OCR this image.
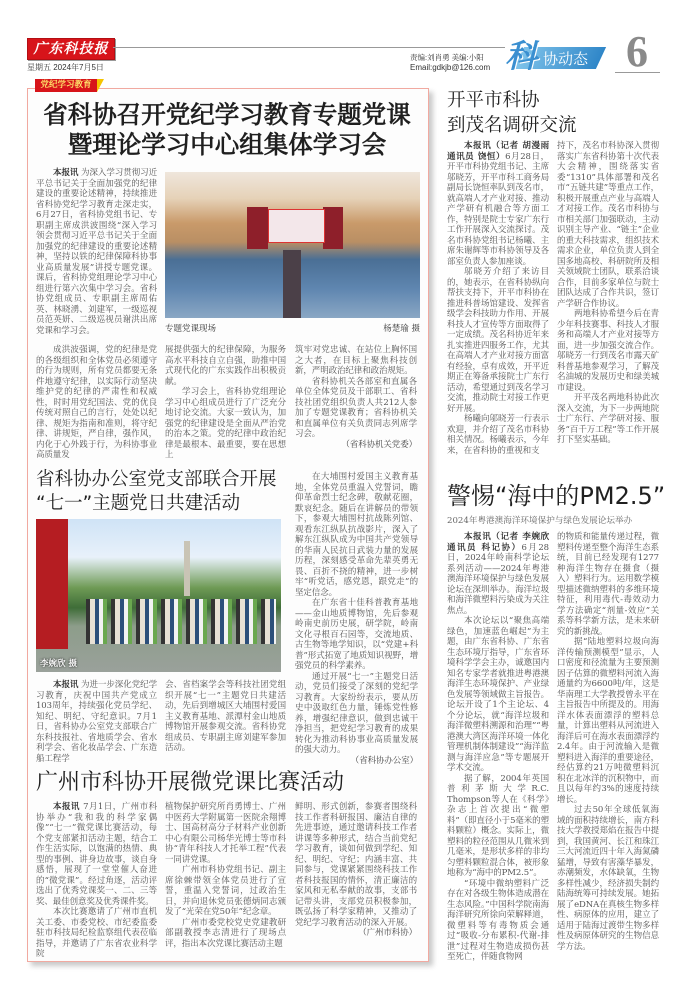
广东科技报
星期五 2024年7月5日
责编:刘肖勇 美编:小阳
Email:gdkjb@126.com	协动态
科 6
党纪学习教育
省科协召开党纪学习教育专题党课
暨理论学习中心组集体学习会

本报讯 为深入学习贯彻习近平总书记关于全面加强党的纪律建设的重要论述精神，持续推进省科协党纪学习教育走深走实，6月27日，省科协党组书记、专职副主席成洪波围绕“深入学习领会贯彻习近平总书记关于全面加强党的纪律建设的重要论述精神，坚持以铁的纪律保障科协事业高质量发展”讲授专题党课。课后，省科协党组理论学习中心组进行第六次集中学习会。省科协党组成员、专职副主席周佑英、林晓湧、刘建军，一级巡视员范英妍、二级巡视员谢洪出席党课和学习会。	专题党课现场	杨楚瑜 摄

成洪波强调，党的纪律是党的各级组织和全体党员必须遵守的行为规则，所有党员都要无条件地遵守纪律，以实际行动坚决维护党的纪律的严肃性和权威性，时时用党纪国法、党的优良传统对照自己的言行，处处以纪律、规矩为指南和准则，将守纪律、讲规矩，严自律，强作风，内化于心外践于行，为科协事业高质量发

展提供强大的纪律保障，为服务高水平科技自立自强，助推中国式现代化的广东实践作出积极贡献。

学习会上，省科协党组理论学习中心组成员进行了广泛充分地讨论交流。大家一致认为，加强党的纪律建设是全面从严治党的治本之策。党的纪律中政治纪律是最根本、最重要，要在思想上

筑牢对党忠诚、在站位上胸怀国之大者，在目标上聚焦科技创新，严明政治纪律和政治规矩。

省科协机关各部室和直属各单位全体党员及干部职工、省科技社团党组织负责人共212人参加了专题党课教育；省科协机关和直属单位有关负责同志列席学习会。

（省科协机关党委）

省科协办公室党支部联合开展
“七一”主题党日共建活动
李婉欣 摄

本报讯 为进一步深化党纪学习教育，庆祝中国共产党成立103周年，持续强化党员学纪、知纪、明纪、守纪意识。7月1日，省科协办公室党支部联合广东科技报社、省地质学会、省水利学会、省化妆品学会、广东造船工程学

会、省档案学会等科技社团党组织开展“七一”主题党日共建活动，先后到增城区大埔围村爱国主义教育基地、派潭村金山地质博物馆开展参观交流。省科协党组成员、专职副主席刘建军参加活动。

在大埔围村爱国主义教育基地，全体党员重温入党誓词，瞻仰革命烈士纪念碑，敬献花圈，默哀纪念。随后在讲解员的带领下，参观大埔围村抗战陈列馆、观看东江纵队抗战影片，深入了解东江纵队成为中国共产党领导的华南人民抗日武装力量的发展历程，深刻感受革命先辈英勇无畏、百折不挠的精神，进一步树牢“听党话，感党恩，跟党走”的坚定信念。

在广东省十佳科普教育基地——金山地质博物馆，先后参观岭南史前历史展，研学院，岭南文化寻根百石园等，交流地质、古生物等地学知识，以“党建+科普”形式拓宽了地质知识视野，增强党员的科学素养。

通过开展“七一”主题党日活动，党员们接受了深刻的党纪学习教育。大家纷纷表示，要从历史中汲取红色力量，锤炼党性修养，增强纪律意识，做到忠诚干净担当，把党纪学习教育的成果转化为推动科协事业高质量发展的强大动力。

（省科协办公室）

广州市科协开展微党课比赛活动

本报讯 7月1日，广州市科协举办“我和我的科学家偶像”“七一”微党课比赛活动，每个党支部紧扣活动主题，结合工作生活实际，以饱满的热情、典型的事例、讲身边故事，谈自身感悟，展现了一堂堂催人奋进的“微党课”。经过角逐，活动评选出了优秀党课奖一、二、三等奖、最佳创意奖及优秀课件奖。

本次比赛邀请了广州市直机关工委、市委党校、市纪委监委驻市科技局纪检监察组代表莅临指导，并邀请了广东省农业科学院

植物保护研究所肖勇博士、广州中医药大学附属第一医院余翔博士、国高材高分子材料产业创新中心有限公司杨华光博士等市科协“青年科技人才托举工程”代表一同讲党课。

广州市科协党组书记、副主席徐棘带领全体党员进行了宣誓，重温入党誓词，过政治生日，并向退休党员张德炳同志颁发了“光荣在党50年”纪念章。

广州市委党校党史党建教研部副教授李志清进行了现场点评，指出本次党课比赛活动主题

鲜明、形式创新，参赛者围绕科技工作者科研报国、廉洁自律的先进事迹，通过邀请科技工作者讲课等多种形式，结合当前党纪学习教育，谈如何做到学纪、知纪、明纪、守纪；内涵丰富、共同参与，党课紧紧围绕科技工作者科技报国的情怀，清正廉洁的家风和无私奉献的故事，支部书记带头讲，支部党员积极参加，既弘扬了科学家精神，又推动了党纪学习教育活动的深入开展。

（广州市科协）

开平市科协
到茂名调研交流

本报讯（记者 胡漫雨 通讯员 饶恒）6月28日，开平市科协党组书记、主席邬晓芳，开平市科工商务局副局长饶恒率队到茂名市，就高端人才产业对接、推动产学研有机融合等方面工作，特别是院士专家广东行工作开展深入交流探讨。茂名市科协党组书记杨曦、主席朱谢辉等市科协领导及各部室负责人参加座谈。

邬晓芳介绍了来访目的，她表示，在省科协纵向帮扶支持下，开平市科协在推进科普场馆建设、发挥省级学会科技助力作用、开展科技人才宣传等方面取得了一定成绩。茂名科协近年来扎实推进四服务工作，尤其在高端人才产业对接方面富有经验，卓有成效，开平近期正在筹备承接院士广东行活动，希望通过到茂名学习交流，推动院士对接工作更好开展。

杨曦向邬晓芳一行表示欢迎，并介绍了茂名市科协相关情况。杨曦表示，今年来，在省科协的重视和支

持下，茂名市科协深入贯彻落实广东省科协第十次代表大会精神，围绕落实省委“1310”具体部署和茂名市“五链共建”等重点工作，积极开展重点产业与高端人才对接工作。茂名市科协与市相关部门加强联动，主动识别主导产业、“链主”企业的重大科技需求，组织技术需求企业，单位负责人到全国多地高校、科研院所及相关领域院士团队，联系洽谈合作，目前多家单位与院士团队达成了合作共识，签订产学研合作协议。

两地科协希望今后在青少年科技赛事、科技人才服务和高端人才产业对接等方面，进一步加强交流合作。邬晓芳一行到茂名市露天矿科普基地参观学习，了解茂名油城的发展历史和绿美城市建设。

开平茂名两地科协此次深入交流，为下一步两地院士广东行、产学研对接、服务“百千万工程”等工作开展打下坚实基础。

警惕“海中的PM2.5”
2024年粤港澳海洋环境保护与绿色发展论坛举办

本报讯（记者 李婉欣 通讯员 科记协）6月28日，2024年岭南科学论坛系列活动——2024年粤港澳海洋环境保护与绿色发展论坛在深圳举办。海洋垃圾和海洋微塑料污染成为关注焦点。

本次论坛以“聚焦高端绿色，加速蓝色崛起”为主题，由广东省科协、广东省生态环境厅指导，广东省环境科学学会主办，诚邀国内知名专家学者就推进粤港澳海洋生态环境保护、产业绿色发展等领域做主旨报告。论坛开设了1个主论坛、4个分论坛，就“海洋垃圾和海洋微塑料溯源和治理”“粤港澳大湾区海洋环境一体化管理机制体制建设”“海洋监测与海洋应急”等专题展开学术交流。

据了解，2004年英国普利茅斯大学R.C. Thompson等人在《科学》杂志上首次提出“微塑料”（即直径小于5毫米的塑料颗粒）概念。实际上，微塑料的粒径范围从几微米到几毫米，是形状多样的非均匀塑料颗粒混合体，被形象地称为“海中的PM2.5”。

“环境中微纳塑料广泛存在对各级生物体造成潜在生态风险。”中国科学院南海海洋研究所徐向荣解释道，微塑料等有毒物质会通过“吸收-分布累积-代谢-排泄”过程对生物造成损伤甚至死亡，伴随食物网

的物质和能量传递过程，微塑料传递至整个海洋生态系统，目前已经发现有1277种海洋生物存在摄食（摄入）塑料行为。运用数学模型描述微纳塑料的多维环境特征，利用毒代-毒效动力学方法确定“剂量-效应”关系等科学新方法，是未来研究的新挑战。

据“陆地塑料垃圾向海洋传输预测模型”显示，人口密度和径流量为主要预测因子估算的微塑料河流入海通量约为6600吨/年，这是华南理工大学教授曾永平在主旨报告中所提及的。用海洋水体表面漂浮的塑料总量，计算出塑料从河流进入海洋后可在海水表面漂浮约2.4年。由于河流输入是微塑料进入海洋的重要途径，经估算约21万吨微塑料沉积在北冰洋的沉积物中，而且以每年约3%的速度持续增长。

过去50年全球低氧海域的面积持续增长，南方科技大学教授郑焰在报告中提到，我国黄河、长江和珠江三大河流近四十年入海氮磷猛增，导致有害藻华暴发，赤潮频发，水体缺氧，生物多样性减少，经济损失制约陆海统筹可持续发展。她拓展了eDNA在真核生物多样性、病原体的应用，建立了适用于陆海过渡带生物多样性及病原体研究的生物信息学方法。
